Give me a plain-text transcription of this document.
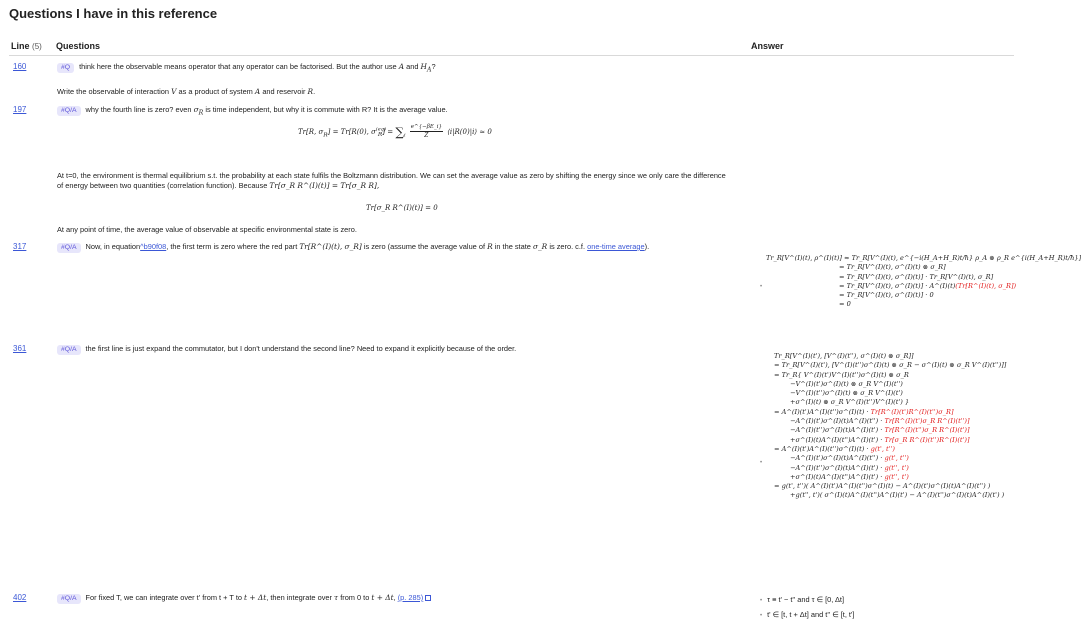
Questions I have in this reference
Line (5) Questions	Answer
160	#Q think here the observable means operator that any operator can be factorised. But the author use A and $H_A$?
Write the observable of interaction V as a product of system A and reservoir R.
197	#Q/A why the fourth line is zero? even $\sigma_R$ is time independent, but why it is commute with R? It is the average value.
Tr[R, $\sigma_R] = Tr[R(0)$, $\sigma^{(eq)}_R] = \sum_i \frac{e\^{}\{-\beta E\_i\}}{Z}$ ⟨i|R(0)|i⟩ ≈ 0
At t=0, the environment is thermal equilibrium s.t. the probability at each state fulfils the Boltzmann distribution. We can set the average value as zero by shifting the energy since we only care the difference of energy between two quantities (correlation function). Because Tr[σ_R R^(I)(t)] = Tr[σ_R R],
Tr[σ_R R^(I)(t)] = 0
At any point of time, the average value of observable at specific environmental state is zero.
317	#Q/A Now, in equation^b90f08, the first term is zero where the red part Tr[R^(I)(t), σ_R] is zero (assume the average value of R in the state σ_R is zero. c.f. one-time average).
•
Tr_R[V^(I)(t), ρ^(I)(t)] ≈ Tr_R[V^(I)(t), e^{−i(H_A+H_R)t/ħ} ρ_A ⊗ ρ_R e^{i(H_A+H_R)t/ħ}]
= Tr_R[V^(I)(t), σ^(I)(t) ⊗ σ_R]
= Tr_R[V^(I)(t), σ^(I)(t)] · Tr_R[V^(I)(t), σ_R]
= Tr_R[V^(I)(t), σ^(I)(t)] · A^(I)(t)(Tr[R^(I)(t), σ_R])
= Tr_R[V^(I)(t), σ^(I)(t)] · 0
= 0
361	#Q/A the first line is just expand the commutator, but I don't understand the second line? Need to expand it explicitly because of the order.
•
Tr_R[V^(I)(t'), [V^(I)(t''), σ^(I)(t) ⊗ σ_R]]
= Tr_R[V^(I)(t'), [V^(I)(t'')σ^(I)(t) ⊗ σ_R − σ^(I)(t) ⊗ σ_R V^(I)(t'')]]
= Tr_R{ V^(I)(t')V^(I)(t'')σ^(I)(t) ⊗ σ_R
−V^(I)(t')σ^(I)(t) ⊗ σ_R V^(I)(t'')
−V^(I)(t'')σ^(I)(t) ⊗ σ_R V^(I)(t')
+σ^(I)(t) ⊗ σ_R V^(I)(t'')V^(I)(t') }
= A^(I)(t')A^(I)(t'')σ^(I)(t) · Tr[R^(I)(t')R^(I)(t'')σ_R]
−A^(I)(t')σ^(I)(t)A^(I)(t'') · Tr[R^(I)(t')σ_R R^(I)(t'')]
−A^(I)(t'')σ^(I)(t)A^(I)(t') · Tr[R^(I)(t'')σ_R R^(I)(t')]
+σ^(I)(t)A^(I)(t'')A^(I)(t') · Tr[σ_R R^(I)(t'')R^(I)(t')]
= A^(I)(t')A^(I)(t'')σ^(I)(t) · g(t', t'')
−A^(I)(t')σ^(I)(t)A^(I)(t'') · g(t', t'')
−A^(I)(t'')σ^(I)(t)A^(I)(t') · g(t'', t')
+σ^(I)(t)A^(I)(t'')A^(I)(t') · g(t'', t')
= g(t', t'')( A^(I)(t')A^(I)(t'')σ^(I)(t) − A^(I)(t')σ^(I)(t)A^(I)(t'') )
+g(t'', t')( σ^(I)(t)A^(I)(t'')A^(I)(t') − A^(I)(t'')σ^(I)(t)A^(I)(t') )
402	#Q/A For fixed T, we can integrate over t' from t + T to t + Δt, then integrate over τ from 0 to t + Δt, (p. 285)
•	τ ≡ t' − t'' and τ ∈ [0, Δt]
• t' ∈ [t, t + Δt] and t'' ∈ [t, t']
